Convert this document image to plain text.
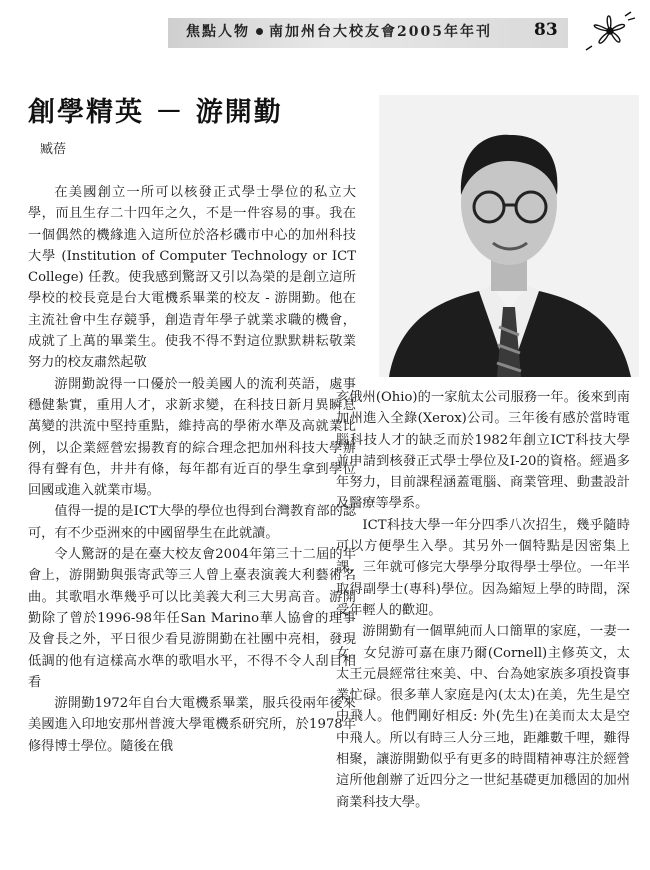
焦點人物 南加州台大校友會2005年年刊 83
創學精英 － 游開勤
臧蓓

在美國創立一所可以核發正式學士學位的私立大學，而且生存二十四年之久，不是一件容易的事。我在一個偶然的機緣進入這所位於洛杉磯市中心的加州科技大學 (Institution of Computer Technology or ICT College) 任教。使我感到驚訝又引以為榮的是創立這所學校的校長竟是台大電機系畢業的校友 - 游開勤。他在主流社會中生存競爭，創造青年學子就業求職的機會，成就了上萬的畢業生。使我不得不對這位默默耕耘敬業努力的校友肅然起敬

游開勤說得一口優於一般美國人的流利英語，處事穩健紮實，重用人才，求新求變，在科技日新月異瞬息萬變的洪流中堅持重點，維持高的學術水準及高就業比例，以企業經營宏揚教育的綜合理念把加州科技大學辦得有聲有色，井井有條，每年都有近百的學生拿到學位回國或進入就業市場。

值得一提的是ICT大學的學位也得到台灣教育部的認可，有不少亞洲來的中國留學生在此就讀。

令人驚訝的是在臺大校友會2004年第三十二屆的年會上，游開勤與張寄武等三人曾上臺表演義大利藝術名曲。其歌唱水準幾乎可以比美義大利三大男高音。游開勤除了曾於1996-98年任San Marino華人協會的理事及會長之外，平日很少看見游開勤在社團中亮相，發現低調的他有這樣高水準的歌唱水平，不得不令人刮目相看

游開勤1972年自台大電機系畢業，服兵役兩年後來美國進入印地安那州普渡大學電機系研究所，於1978年修得博士學位。隨後在俄

亥俄州(Ohio)的一家航太公司服務一年。後來到南加州進入全錄(Xerox)公司。三年後有感於當時電腦科技人才的缺乏而於1982年創立ICT科技大學並申請到核發正式學士學位及I-20的資格。經過多年努力，目前課程涵蓋電腦、商業管理、動畫設計及醫療等學系。

ICT科技大學一年分四季八次招生，幾乎隨時可以方便學生入學。其另外一個特點是因密集上課，三年就可修完大學學分取得學士學位。一年半取得副學士(專科)學位。因為縮短上學的時間，深受年輕人的歡迎。

游開勤有一個單純而人口簡單的家庭，一妻一女。女兒游可嘉在康乃爾(Cornell)主修英文，太太王元晨經常往來美、中、台為她家族多項投資事業忙碌。很多華人家庭是內(太太)在美，先生是空中飛人。他們剛好相反: 外(先生)在美而太太是空中飛人。所以有時三人分三地，距離數千哩，難得相聚，讓游開勤似乎有更多的時間精神專注於經營這所他創辦了近四分之一世紀基礎更加穩固的加州商業科技大學。
